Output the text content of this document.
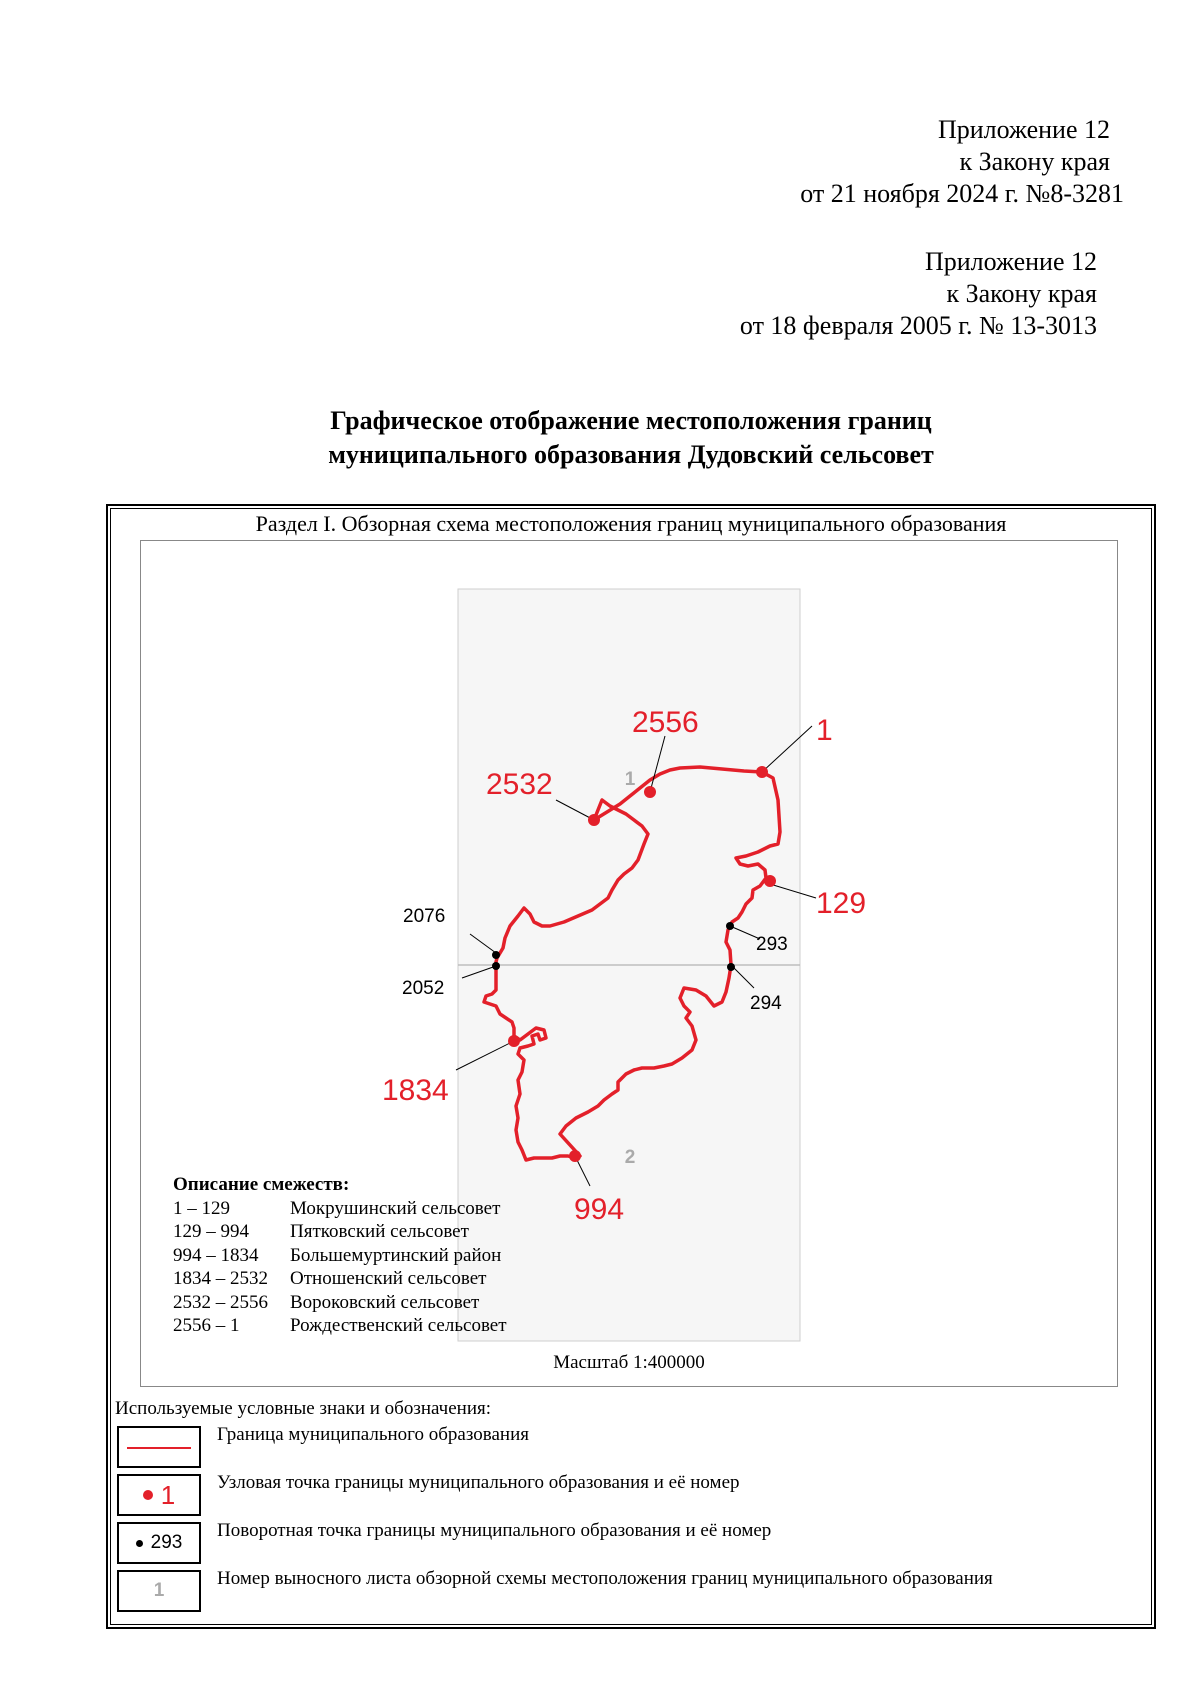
Приложение 12
к Закону края
от 21 ноября 2024 г. №8-3281
Приложение 12
к Закону края
от 18 февраля 2005 г. № 13-3013
Графическое отображение местоположения границ
муниципального образования Дудовский сельсовет
Раздел I. Обзорная схема местоположения границ муниципального образования
1
2
1
129
994
1834
2532
2556
293
294
2052
2076
Описание смежеств:
1 – 129	Мокрушинский сельсовет
129 – 994	Пятковский сельсовет
994 – 1834	Большемуртинский район
1834 – 2532	Отношенский сельсовет
2532 – 2556	Вороковский сельсовет
2556 – 1	Рождественский сельсовет
Масштаб 1:400000
Используемые условные знаки и обозначения:
Граница муниципального образования
1 Узловая точка границы муниципального образования и её номер
293
Поворотная точка границы муниципального образования и её номер
1
Номер выносного листа обзорной схемы местоположения границ муниципального образования
